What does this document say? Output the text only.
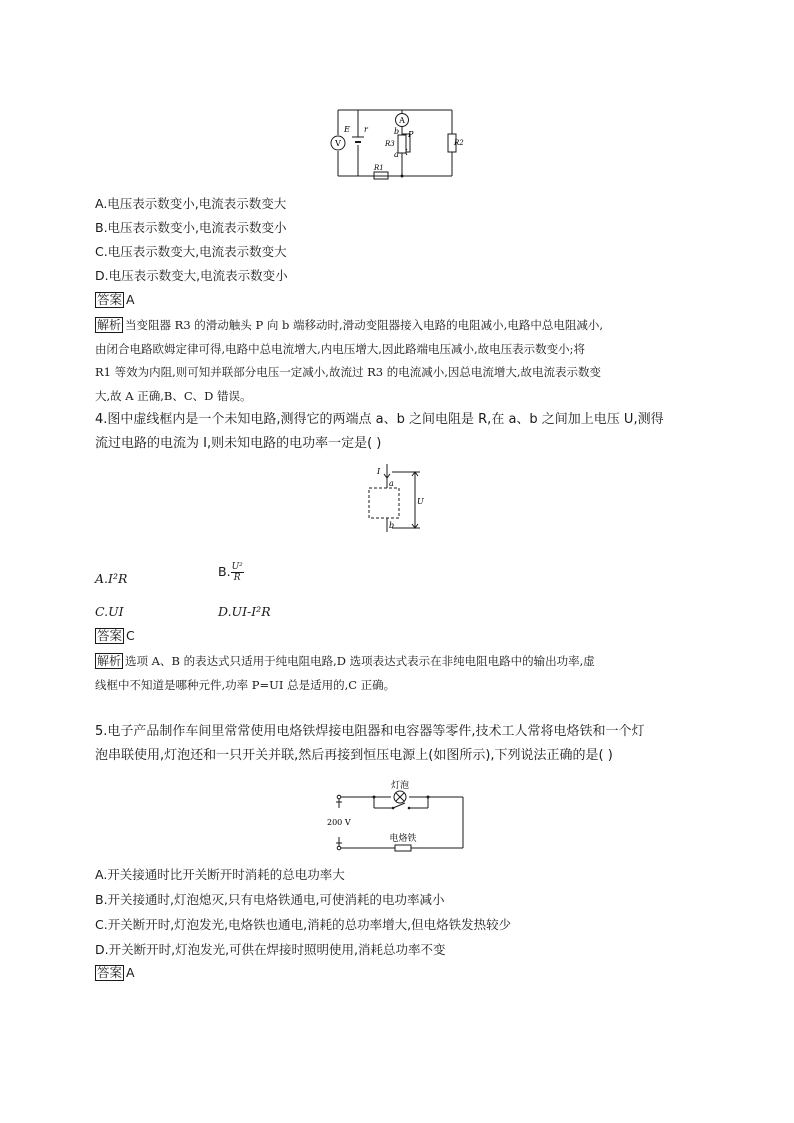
V
A
E r	b P
a
R3	R2
R1
A.电压表示数变小,电流表示数变大
B.电压表示数变小,电流表示数变小
C.电压表示数变大,电流表示数变大
D.电压表示数变大,电流表示数变小
答案 A
解析 当变阻器 R3 的滑动触头 P 向 b 端移动时,滑动变阻器接入电路的电阻减小,电路中总电阻减小,
由闭合电路欧姆定律可得,电路中总电流增大,内电压增大,因此路端电压减小,故电压表示数变小;将
R1 等效为内阻,则可知并联部分电压一定减小,故流过 R3 的电流减小,因总电流增大,故电流表示数变
大,故 A 正确,B、C、D 错误。
4.图中虚线框内是一个未知电路,测得它的两端点 a、b 之间电阻是 R,在 a、b 之间加上电压 U,测得
流过电路的电流为 I,则未知电路的电功率一定是( )
I
a
U
b
A.I²R	B. $\frac{\text{U²}}{R}$
C.UI	D.UI-I²R
答案 C
解析 选项 A、B 的表达式只适用于纯电阻电路,D 选项表达式表示在非纯电阻电路中的输出功率,虚
线框中不知道是哪种元件,功率 P=UI 总是适用的,C 正确。
5.电子产品制作车间里常常使用电烙铁焊接电阻器和电容器等零件,技术工人常将电烙铁和一个灯
泡串联使用,灯泡还和一只开关并联,然后再接到恒压电源上(如图所示),下列说法正确的是( )
灯泡
200 V
电烙铁
A.开关接通时比开关断开时消耗的总电功率大
B.开关接通时,灯泡熄灭,只有电烙铁通电,可使消耗的电功率减小
C.开关断开时,灯泡发光,电烙铁也通电,消耗的总功率增大,但电烙铁发热较少
D.开关断开时,灯泡发光,可供在焊接时照明使用,消耗总功率不变
答案 A
